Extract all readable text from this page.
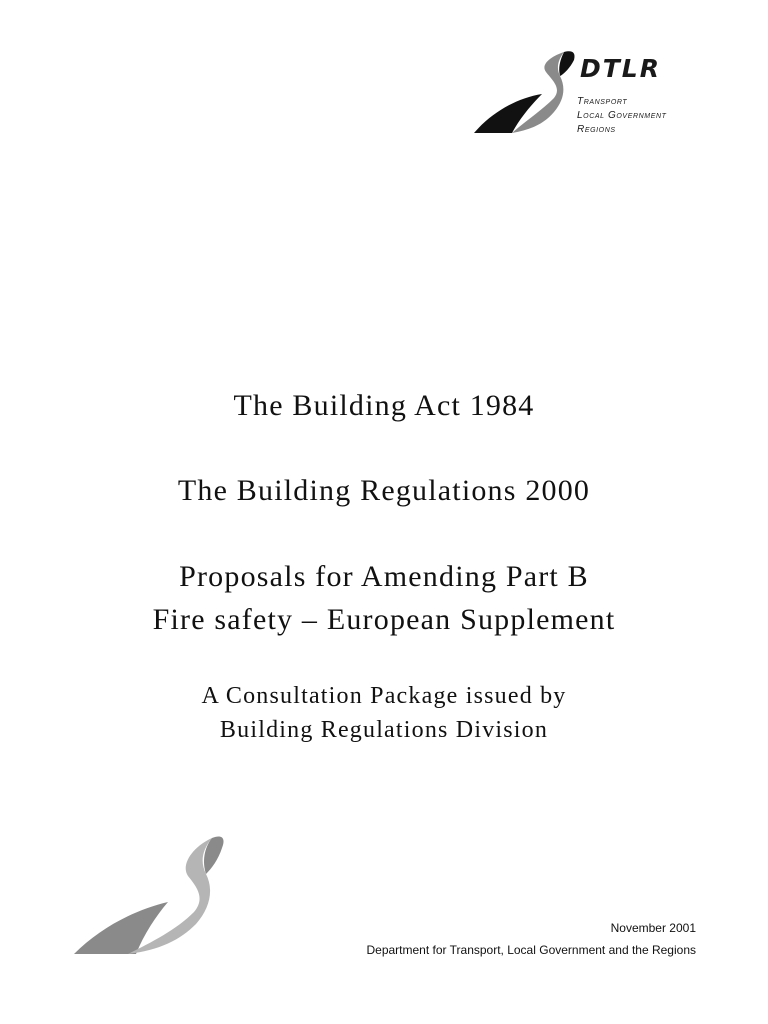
DTLR
Transport
Local Government
Regions
The Building Act 1984
The Building Regulations 2000
Proposals for Amending Part B
Fire safety – European Supplement
A Consultation Package issued by
Building Regulations Division
November 2001
Department for Transport, Local Government and the Regions
